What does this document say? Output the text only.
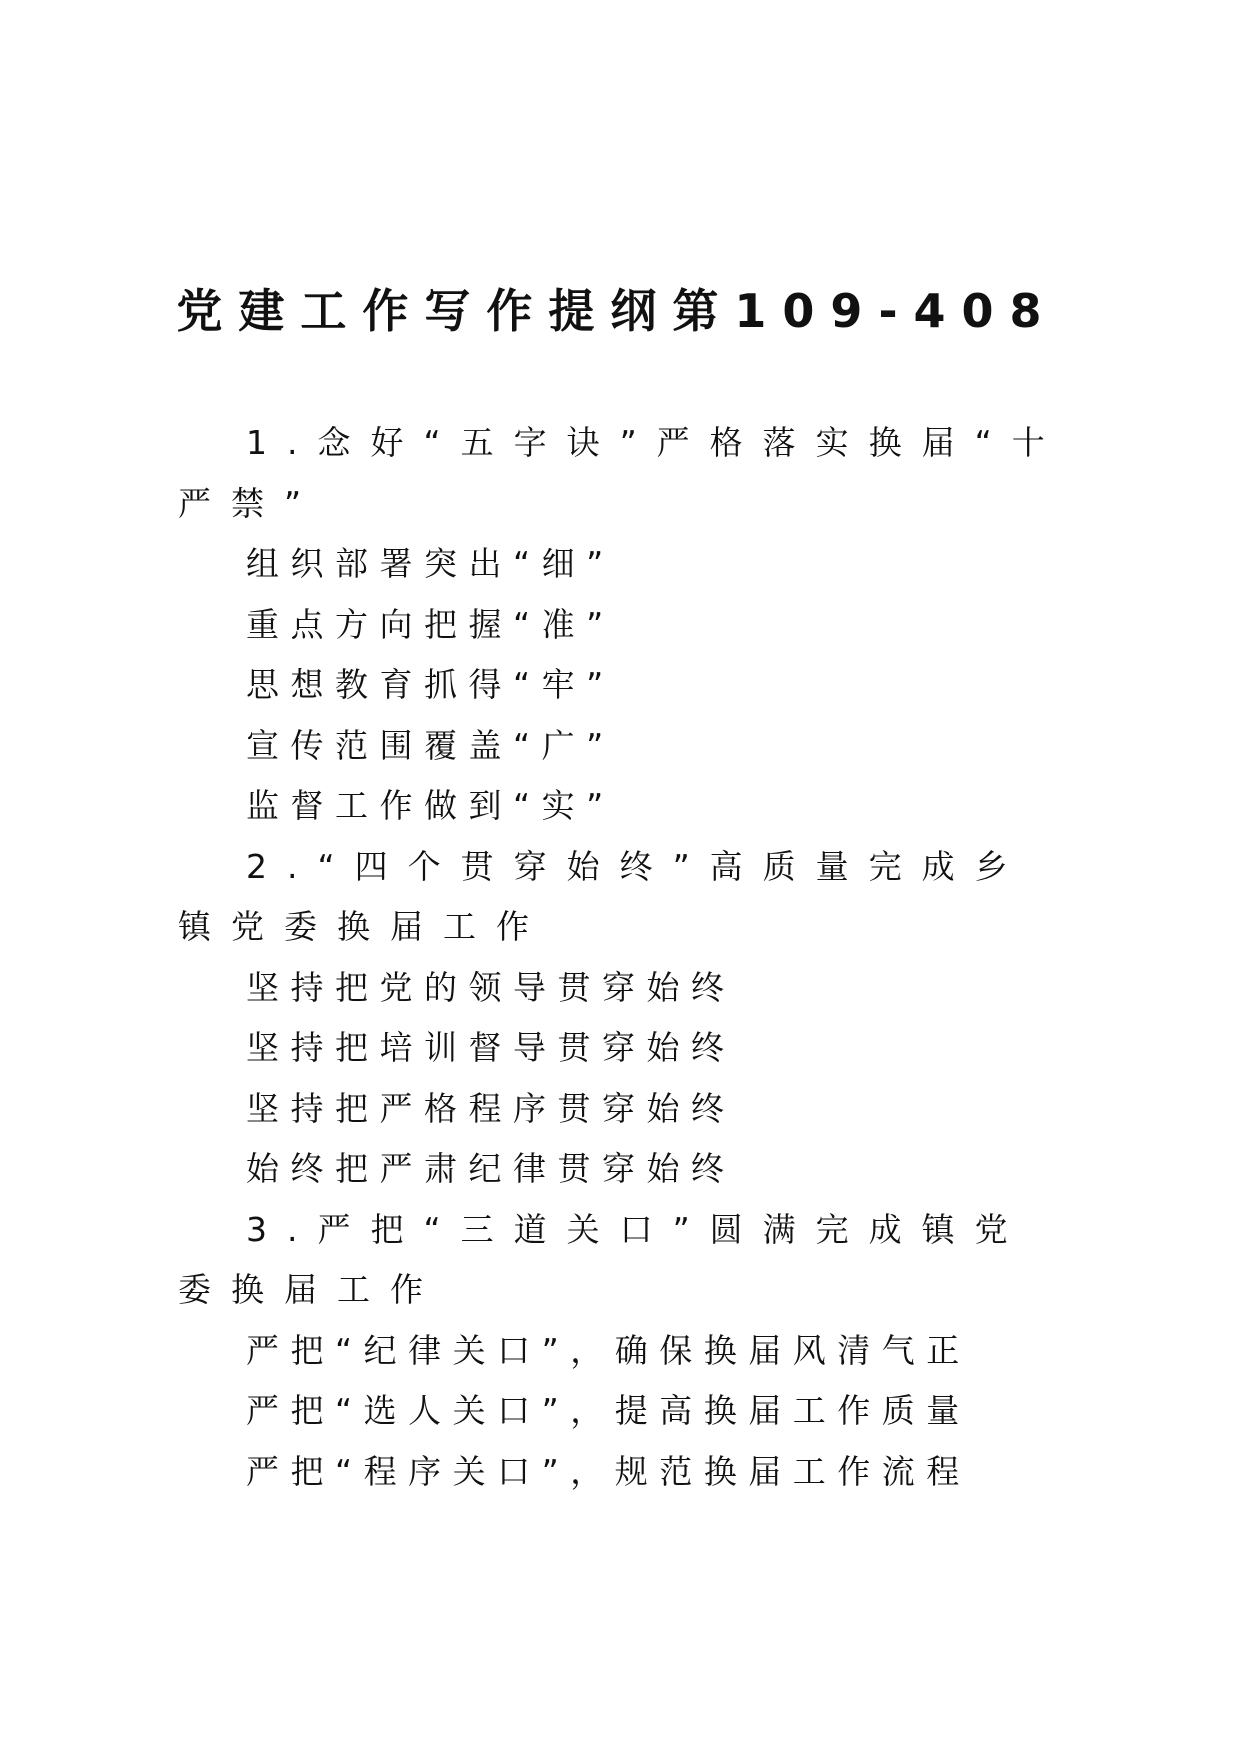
党建工作写作提纲第109-408
1.念好“五字诀”严格落实换届“十严禁”
组织部署突出“细”
重点方向把握“准”
思想教育抓得“牢”
宣传范围覆盖“广”
监督工作做到“实”
2.“四个贯穿始终”高质量完成乡镇党委换届工作
坚持把党的领导贯穿始终
坚持把培训督导贯穿始终
坚持把严格程序贯穿始终
始终把严肃纪律贯穿始终
3.严把“三道关口”圆满完成镇党委换届工作
严把“纪律关口”，确保换届风清气正
严把“选人关口”，提高换届工作质量
严把“程序关口”，规范换届工作流程
